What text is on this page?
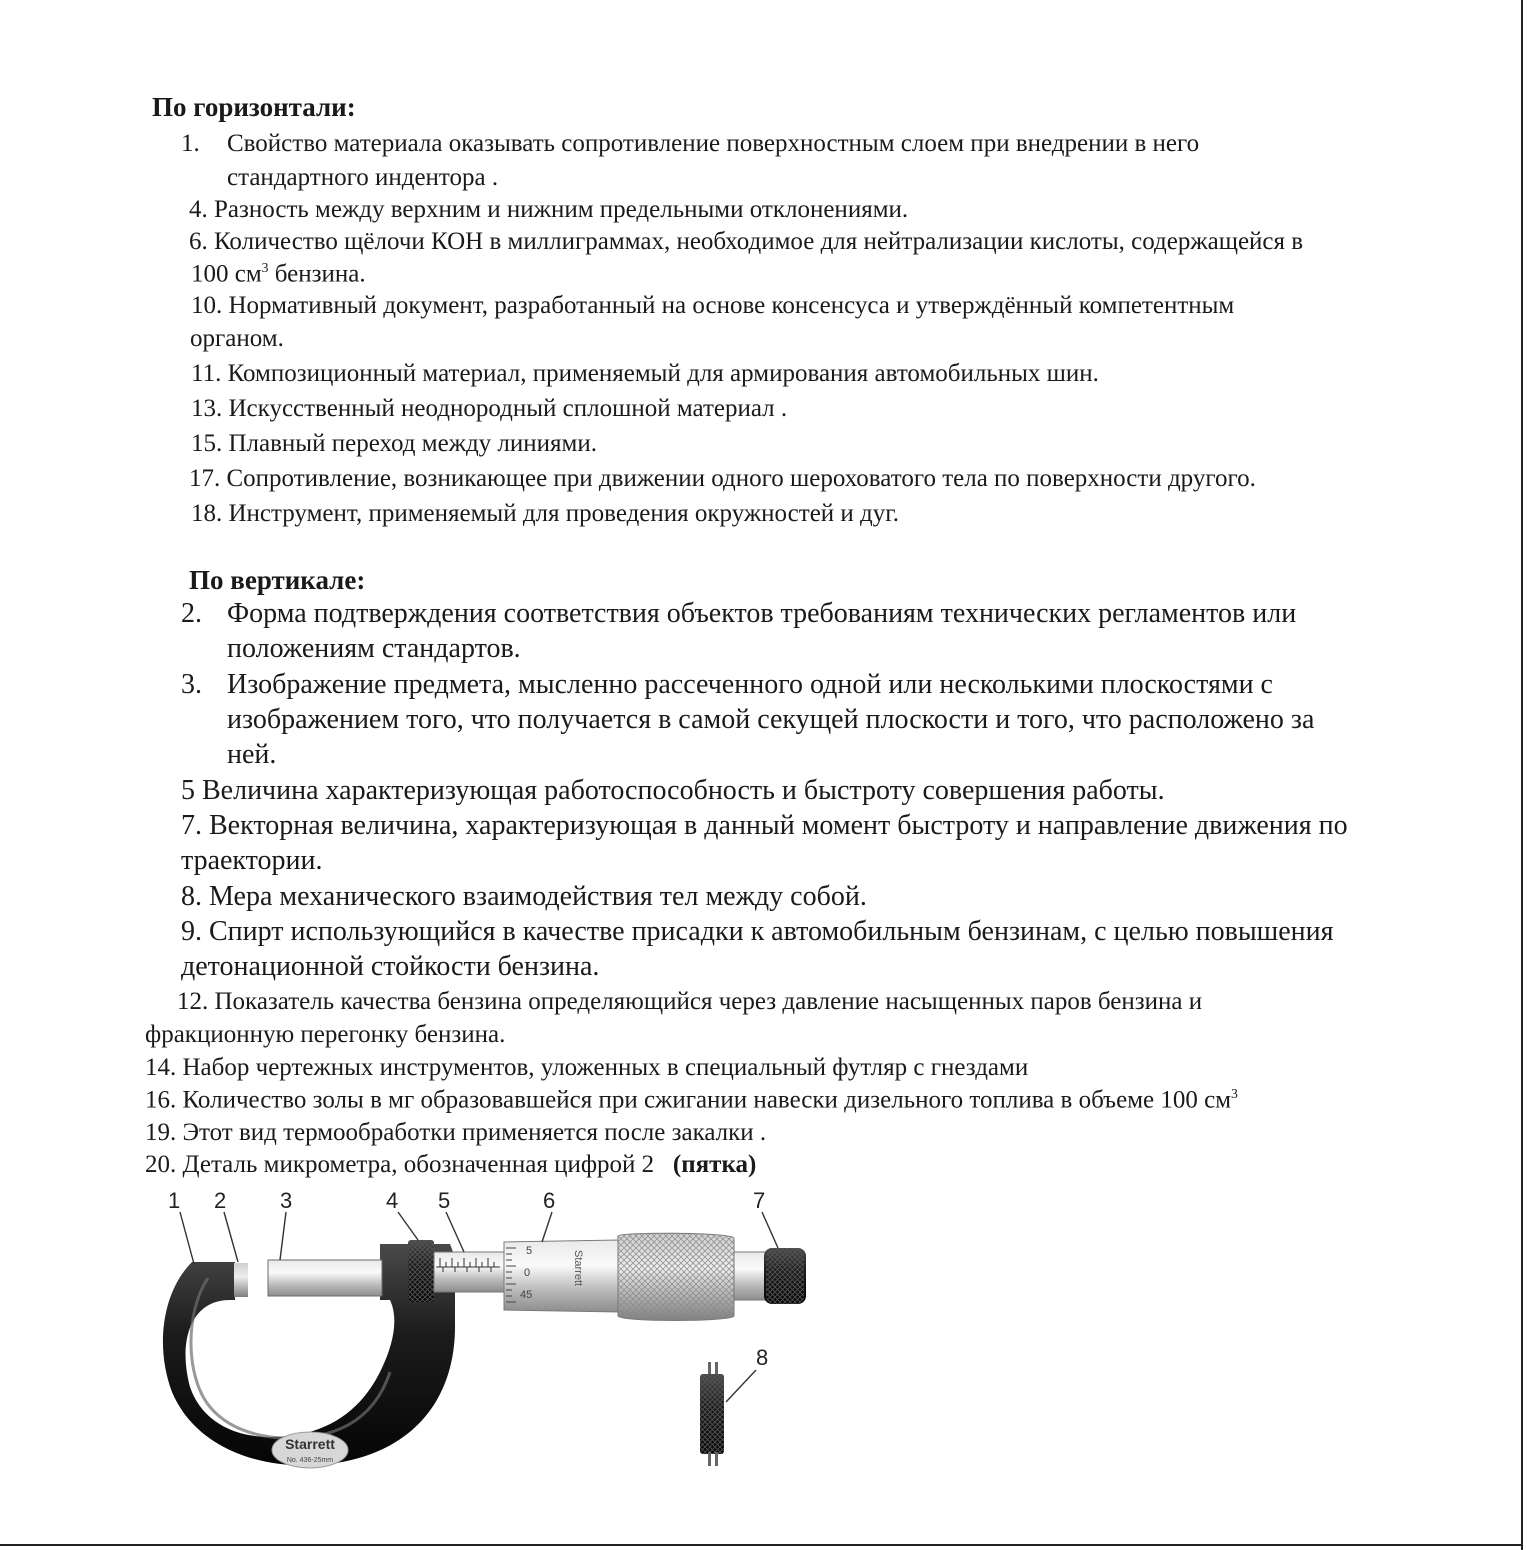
По горизонтали:
1. Свойство материала оказывать сопротивление поверхностным слоем при внедрении в него
стандартного индентора .
4. Разность между верхним и нижним предельными отклонениями.
6. Количество щёлочи КОН в миллиграммах, необходимое для нейтрализации кислоты, содержащейся в
100 $см^3$ бензина.
10. Нормативный документ, разработанный на основе консенсуса и утверждённый компетентным
органом.
11. Композиционный материал, применяемый для армирования автомобильных шин.
13. Искусственный неоднородный сплошной материал .
15. Плавный переход между линиями.
17. Сопротивление, возникающее при движении одного шероховатого тела по поверхности другого.
18. Инструмент, применяемый для проведения окружностей и дуг.
По вертикале:
2. Форма подтверждения соответствия объектов требованиям технических регламентов или
положениям стандартов.
3. Изображение предмета, мысленно рассеченного одной или несколькими плоскостями с
изображением того, что получается в самой секущей плоскости и того, что расположено за
ней.
5 Величина характеризующая работоспособность и быстроту совершения работы.
7. Векторная величина, характеризующая в данный момент быстроту и направление движения по
траектории.
8. Мера механического взаимодействия тел между собой.
9. Спирт использующийся в качестве присадки к автомобильным бензинам, с целью повышения
детонационной стойкости бензина.
12. Показатель качества бензина определяющийся через давление насыщенных паров бензина и
фракционную перегонку бензина.
14. Набор чертежных инструментов, уложенных в специальный футляр с гнездами
16. Количество золы в мг образовавшейся при сжигании навески дизельного топлива в объеме 100 $см^3$
19. Этот вид термообработки применяется после закалки .
20. Деталь микрометра, обозначенная цифрой 2 (пятка)
5
0
45
Starrett
Starrett
No. 436-25mm
1 2 3	4 5	6	7
8
